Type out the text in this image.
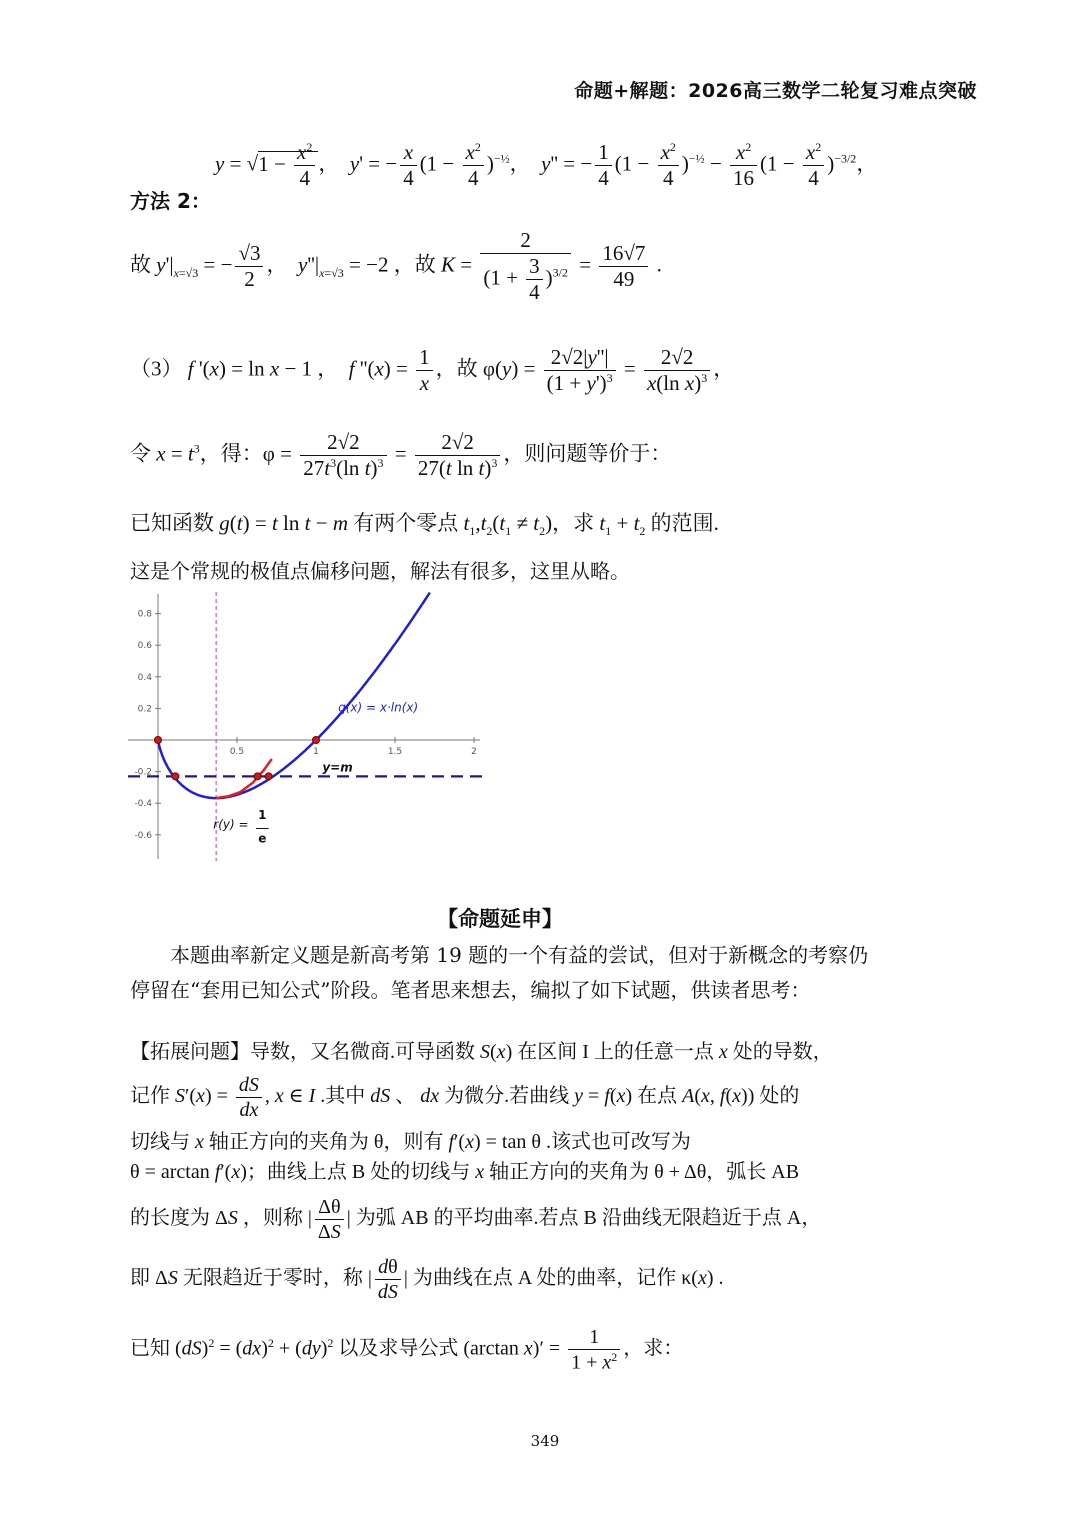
命题+解题：2026高三数学二轮复习难点突破
方法 2：
$y = √1 - \frac{x^2}{4}$ ，  y' = − $\frac{x}{4} (1 - \frac{x^2}{4} )^{-\frac{1}{2}}$，  y'' = − $\frac{1}{4} (1 - \frac{x^2}{4} )^{-\frac{1}{2}} - \frac{x^2}{16} (1 - \frac{x^2}{4} )^{-3/2}$，
故 $y'|_{x=√3}$ = − $\frac{√3}{2}$ ，  $y''|_{x=√3} = -2$ ，故 $K = \frac{2}{(1 + \frac{3}{4} )^{3/2}} = \frac{16√7}{49}$ .
（3） f '(x) = ln x − 1 ，  f ''$(x) = \frac{1}{x}$ ，故 $\varphi(y) = \frac{2√2|y''|}{(1 + y')^3} = \frac{2√2}{x(\ln x)^3}$ ，
令 $x = t^3$，得：$\varphi = \frac{2√2}{27t^3(\ln t)^3} = \frac{2√2}{27(t \ln t)^3}$ ，则问题等价于：
已知函数 g(t) = t ln t − m 有两个零点 $t_1,t_2(t_1 \ne t_2)$，求 $t_1 + t_2$ 的范围.
这是个常规的极值点偏移问题，解法有很多，这里从略。
0.5	1	1.5	2
0.8
0.6
0.4
0.2
-0.2
-0.4
-0.6
q(x) = x·ln(x)
y=m
r(y) =
1
e
【命题延申】
本题曲率新定义题是新高考第 19 题的一个有益的尝试，但对于新概念的考察仍停留在“套用已知公式”阶段。笔者思来想去，编拟了如下试题，供读者思考：
【拓展问题】导数，又名微商.可导函数 S(x) 在区间 I 上的任意一点 x 处的导数，
记作 $S'(x) = \frac{dS}{dx}$ , x ∈ I .其中 dS 、 dx 为微分.若曲线 y = f(x) 在点 A(x, f(x)) 处的
切线与 x 轴正方向的夹角为 θ，则有 f′(x) = tan θ .该式也可改写为
θ = arctan f′(x)；曲线上点 B 处的切线与 x 轴正方向的夹角为 θ + Δθ，弧长 AB
的长度为 ΔS ，则称 | $\frac{\Delta\theta}{\Delta S}$ | 为弧 AB 的平均曲率.若点 B 沿曲线无限趋近于点 A，
即 ΔS 无限趋近于零时，称 | $\frac{d\theta}{dS}$ | 为曲线在点 A 处的曲率，记作 κ(x) .
已知 (dS)$^2$ = (dx)$^2$ + (dy)$^2$ 以及求导公式 (arctan $x)' = \frac{1}{1 + x^2}$ ，求：
349
